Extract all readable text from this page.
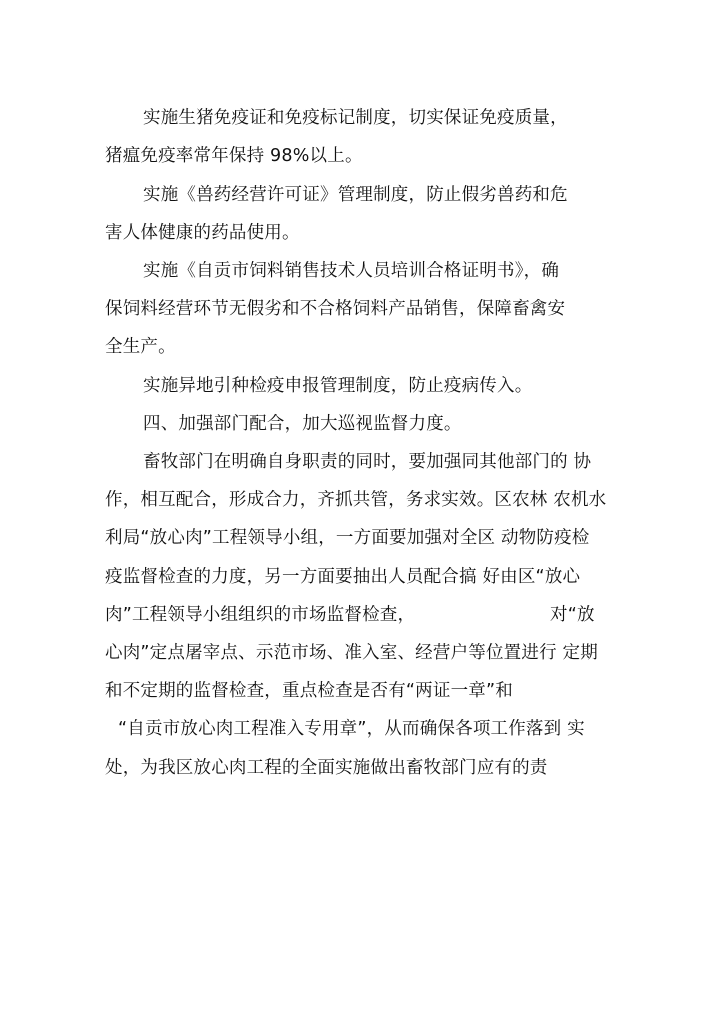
实施生猪免疫证和免疫标记制度，切实保证免疫质量，
猪瘟免疫率常年保持 98%以上。
实施《兽药经营许可证》管理制度，防止假劣兽药和危
害人体健康的药品使用。
实施《自贡市饲料销售技术人员培训合格证明书》，确
保饲料经营环节无假劣和不合格饲料产品销售，保障畜禽安
全生产。
实施异地引种检疫申报管理制度，防止疫病传入。
四、加强部门配合，加大巡视监督力度。
畜牧部门在明确自身职责的同时，要加强同其他部门的 协
作，相互配合，形成合力，齐抓共管，务求实效。区农林 农机水
利局“放心肉”工程领导小组，一方面要加强对全区 动物防疫检
疫监督检查的力度，另一方面要抽出人员配合搞 好由区“放心
肉”工程领导小组组织的市场监督检查，	对“放
心肉”定点屠宰点、示范市场、准入室、经营户等位置进行 定期
和不定期的监督检查，重点检查是否有“两证一章”和
“自贡市放心肉工程准入专用章”，从而确保各项工作落到 实
处，为我区放心肉工程的全面实施做出畜牧部门应有的责
